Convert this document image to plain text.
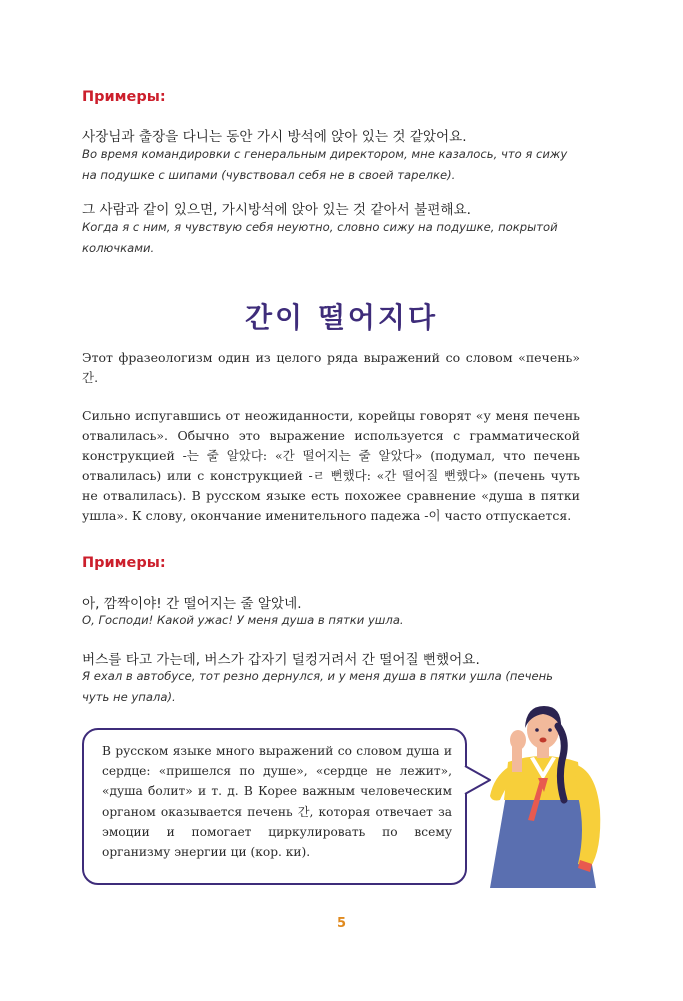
Примеры:

사장님과 출장을 다니는 동안 가시 방석에 앉아 있는 것 같았어요.

Во время командировки с генеральным директором, мне казалось, что я сижу на подушке с шипами (чувствовал себя не в своей тарелке).

그 사람과 같이 있으면, 가시방석에 앉아 있는 것 같아서 불편해요.

Когда я с ним, я чувствую себя неуютно, словно сижу на подушке, покрытой колючками.

간이 떨어지다

Этот фразеологизм один из целого ряда выражений со словом «печень» 간.

Сильно испугавшись от неожиданности, корейцы говорят «у меня печень отвалилась». Обычно это выражение используется с грамматической конструкцией -는 줄 알았다: «간 떨어지는 줄 알았다» (подумал, что печень отвалилась) или с конструкцией -ㄹ 뻔했다: «간 떨어질 뻔했다» (печень чуть не отвалилась). В русском языке есть похожее сравнение «душа в пятки ушла». К слову, окончание именительного падежа -이 часто отпускается.

Примеры:

아, 깜짝이야! 간 떨어지는 줄 알았네.

О, Господи! Какой ужас! У меня душа в пятки ушла.

버스를 타고 가는데, 버스가 갑자기 덜컹거려서 간 떨어질 뻔했어요.

Я ехал в автобусе, тот резно дернулся, и у меня душа в пятки ушла (печень чуть не упала).

В русском языке много выражений со словом душа и сердце: «пришелся по душе», «сердце не лежит», «душа болит» и т. д. В Корее важным человеческим органом оказывается печень 간, которая отвечает за эмоции и помогает циркулировать по всему организму энергии ци (кор. ки).

5
